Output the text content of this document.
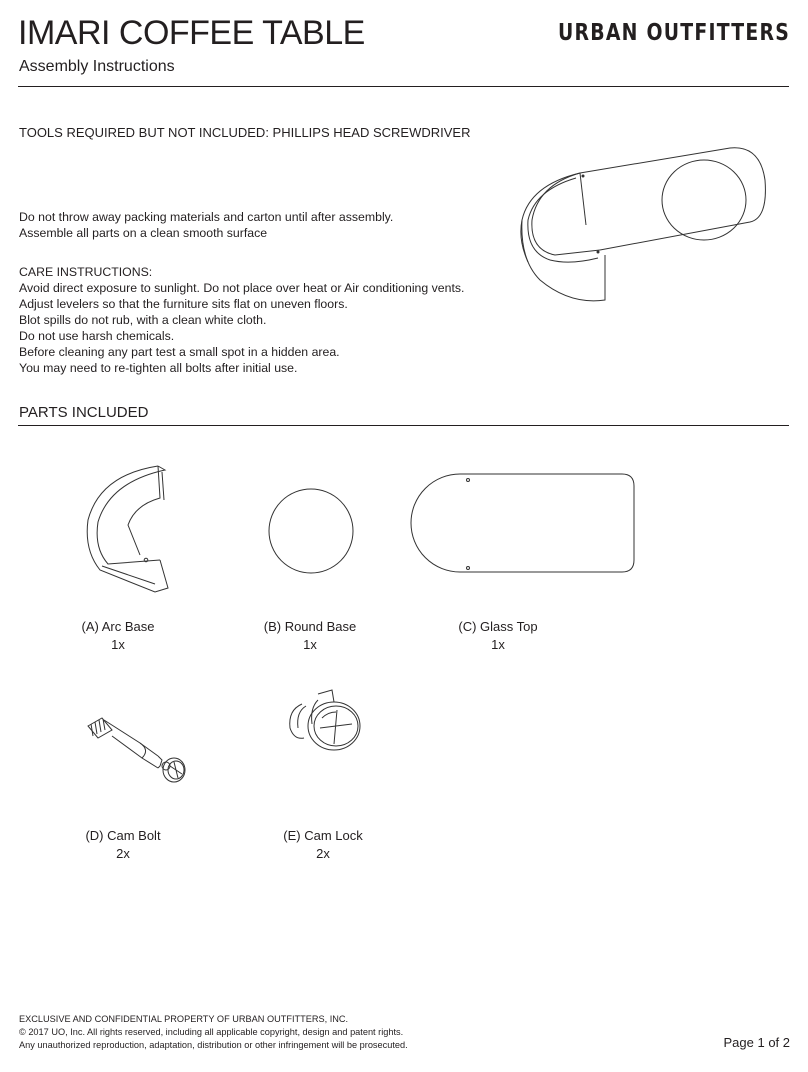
IMARI COFFEE TABLE
Assembly Instructions
URBAN OUTFITTERS
TOOLS REQUIRED BUT NOT INCLUDED: PHILLIPS HEAD SCREWDRIVER
Do not throw away packing materials and carton until after assembly.
Assemble all parts on a clean smooth surface
CARE INSTRUCTIONS:
Avoid direct exposure to sunlight. Do not place over heat or Air conditioning vents.
Adjust levelers so that the furniture sits flat on uneven floors.
Blot spills do not rub, with a clean white cloth.
Do not use harsh chemicals.
Before cleaning any part test a small spot in a hidden area.
You may need to re-tighten all bolts after initial use.
PARTS INCLUDED
(A) Arc Base
1x
(B) Round Base
1x
(C) Glass Top
1x
(D) Cam Bolt
2x
(E) Cam Lock
2x
EXCLUSIVE AND CONFIDENTIAL PROPERTY OF URBAN OUTFITTERS, INC.
© 2017 UO, Inc. All rights reserved, including all applicable copyright, design and patent rights.
Any unauthorized reproduction, adaptation, distribution or other infringement will be prosecuted.	Page 1 of 2
